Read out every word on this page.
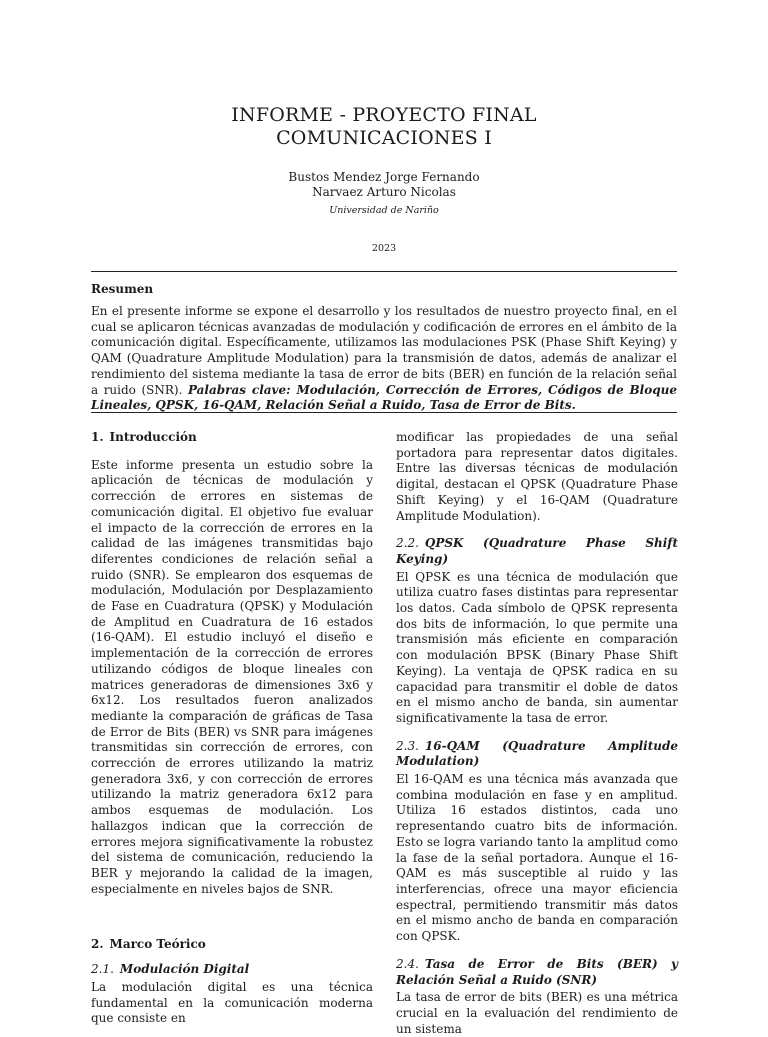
INFORME - PROYECTO FINAL
COMUNICACIONES I
Bustos Mendez Jorge Fernando
Narvaez Arturo Nicolas
Universidad de Nariño
2023
Resumen
En el presente informe se expone el desarrollo y los resultados de nuestro proyecto final, en el cual se aplicaron técnicas avanzadas de modulación y codificación de errores en el ámbito de la comunicación digital. Específicamente, utilizamos las modulaciones PSK (Phase Shift Keying) y QAM (Quadrature Amplitude Modulation) para la transmisión de datos, además de analizar el rendimiento del sistema mediante la tasa de error de bits (BER) en función de la relación señal a ruido (SNR). Palabras clave: Modulación, Corrección de Errores, Códigos de Bloque Lineales, QPSK, 16-QAM, Relación Señal a Ruido, Tasa de Error de Bits.

1. Introducción

Este informe presenta un estudio sobre la aplicación de técnicas de modulación y corrección de errores en sistemas de comunicación digital. El objetivo fue evaluar el impacto de la corrección de errores en la calidad de las imágenes transmitidas bajo diferentes condiciones de relación señal a ruido (SNR). Se emplearon dos esquemas de modulación, Modulación por Desplazamiento de Fase en Cuadratura (QPSK) y Modulación de Amplitud en Cuadratura de 16 estados (16-QAM). El estudio incluyó el diseño e implementación de la corrección de errores utilizando códigos de bloque lineales con matrices generadoras de dimensiones 3x6 y 6x12. Los resultados fueron analizados mediante la comparación de gráficas de Tasa de Error de Bits (BER) vs SNR para imágenes transmitidas sin corrección de errores, con corrección de errores utilizando la matriz generadora 3x6, y con corrección de errores utilizando la matriz generadora 6x12 para ambos esquemas de modulación. Los hallazgos indican que la corrección de errores mejora significativamente la robustez del sistema de comunicación, reduciendo la BER y mejorando la calidad de la imagen, especialmente en niveles bajos de SNR.

2. Marco Teórico

2.1. Modulación Digital

La modulación digital es una técnica fundamental en la comunicación moderna que consiste en

modificar las propiedades de una señal portadora para representar datos digitales. Entre las diversas técnicas de modulación digital, destacan el QPSK (Quadrature Phase Shift Keying) y el 16-QAM (Quadrature Amplitude Modulation).

2.2. QPSK (Quadrature Phase Shift Keying)

El QPSK es una técnica de modulación que utiliza cuatro fases distintas para representar los datos. Cada símbolo de QPSK representa dos bits de información, lo que permite una transmisión más eficiente en comparación con modulación BPSK (Binary Phase Shift Keying). La ventaja de QPSK radica en su capacidad para transmitir el doble de datos en el mismo ancho de banda, sin aumentar significativamente la tasa de error.

2.3. 16-QAM (Quadrature Amplitude Modulation)

El 16-QAM es una técnica más avanzada que combina modulación en fase y en amplitud. Utiliza 16 estados distintos, cada uno representando cuatro bits de información. Esto se logra variando tanto la amplitud como la fase de la señal portadora. Aunque el 16-QAM es más susceptible al ruido y las interferencias, ofrece una mayor eficiencia espectral, permitiendo transmitir más datos en el mismo ancho de banda en comparación con QPSK.

2.4. Tasa de Error de Bits (BER) y Relación Señal a Ruido (SNR)

La tasa de error de bits (BER) es una métrica crucial en la evaluación del rendimiento de un sistema
